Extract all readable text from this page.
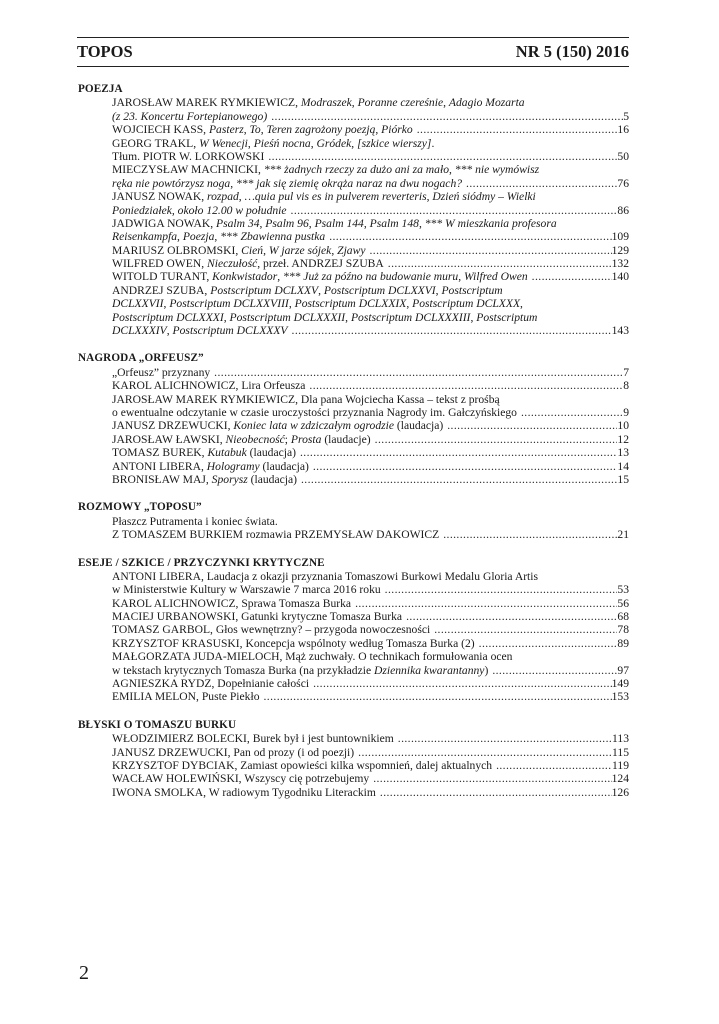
TOPOS	NR 5 (150) 2016
POEZJA
JAROSŁAW MAREK RYMKIEWICZ, Modraszek, Poranne czereśnie, Adagio Mozarta
(z 23. Koncertu Fortepianowego) .....	5
WOJCIECH KASS, Pasterz, To, Teren zagrożony poezją, Piórko .....	16
GEORG TRAKL, W Wenecji, Pieśń nocna, Gródek, [szkice wierszy].
Tłum. PIOTR W. LORKOWSKI .....	50
MIECZYSŁAW MACHNICKI, *** żadnych rzeczy za dużo ani za mało, *** nie wymówisz
ręka nie powtórzysz noga, *** jak się ziemię okrąża naraz na dwu nogach? .....	76
JANUSZ NOWAK, rozpad, …quia pul vis es in pulverem reverteris, Dzień siódmy – Wielki
Poniedziałek, około 12.00 w południe .....	86
JADWIGA NOWAK, Psalm 34, Psalm 96, Psalm 144, Psalm 148, *** W mieszkania profesora
Reisenkampfa, Poezja, *** Zbawienna pustka .....	109
MARIUSZ OLBROMSKI, Cień, W jarze sójek, Zjawy .....	129
WILFRED OWEN, Nieczułość, przeł. ANDRZEJ SZUBA .....	132
WITOLD TURANT, Konkwistador, *** Już za późno na budowanie muru, Wilfred Owen .....	140
ANDRZEJ SZUBA, Postscriptum DCLXXV, Postscriptum DCLXXVI, Postscriptum
DCLXXVII, Postscriptum DCLXXVIII, Postscriptum DCLXXIX, Postscriptum DCLXXX,
Postscriptum DCLXXXI, Postscriptum DCLXXXII, Postscriptum DCLXXXIII, Postscriptum
DCLXXXIV, Postscriptum DCLXXXV .....	143
NAGRODA „ORFEUSZ”
„Orfeusz” przyznany .....	7
KAROL ALICHNOWICZ, Lira Orfeusza .....	8
JAROSŁAW MAREK RYMKIEWICZ, Dla pana Wojciecha Kassa – tekst z prośbą
o ewentualne odczytanie w czasie uroczystości przyznania Nagrody im. Gałczyńskiego .....	9
JANUSZ DRZEWUCKI, Koniec lata w zdziczałym ogrodzie (laudacja) .....	10
JAROSŁAW ŁAWSKI, Nieobecność; Prosta (laudacje) .....	12
TOMASZ BUREK, Kutabuk (laudacja) .....	13
ANTONI LIBERA, Hologramy (laudacja) .....	14
BRONISŁAW MAJ, Sporysz (laudacja) .....	15
ROZMOWY „TOPOSU”
Płaszcz Putramenta i koniec świata.
Z TOMASZEM BURKIEM rozmawia PRZEMYSŁAW DAKOWICZ .....	21
ESEJE / SZKICE / PRZYCZYNKI KRYTYCZNE
ANTONI LIBERA, Laudacja z okazji przyznania Tomaszowi Burkowi Medalu Gloria Artis
w Ministerstwie Kultury w Warszawie 7 marca 2016 roku .....	53
KAROL ALICHNOWICZ, Sprawa Tomasza Burka .....	56
MACIEJ URBANOWSKI, Gatunki krytyczne Tomasza Burka .....	68
TOMASZ GARBOL, Głos wewnętrzny? – przygoda nowoczesności .....	78
KRZYSZTOF KRASUSKI, Koncepcja wspólnoty według Tomasza Burka (2) .....	89
MAŁGORZATA JUDA-MIELOCH, Mąż zuchwały. O technikach formułowania ocen
w tekstach krytycznych Tomasza Burka (na przykładzie Dziennika kwarantanny) .....	97
AGNIESZKA RYDZ, Dopełnianie całości .....	149
EMILIA MELON, Puste Piekło .....	153
BŁYSKI O TOMASZU BURKU
WŁODZIMIERZ BOLECKI, Burek był i jest buntownikiem .....	113
JANUSZ DRZEWUCKI, Pan od prozy (i od poezji) .....	115
KRZYSZTOF DYBCIAK, Zamiast opowieści kilka wspomnień, dalej aktualnych .....	119
WACŁAW HOLEWIŃSKI, Wszyscy cię potrzebujemy .....	124
IWONA SMOLKA, W radiowym Tygodniku Literackim .....	126
2
